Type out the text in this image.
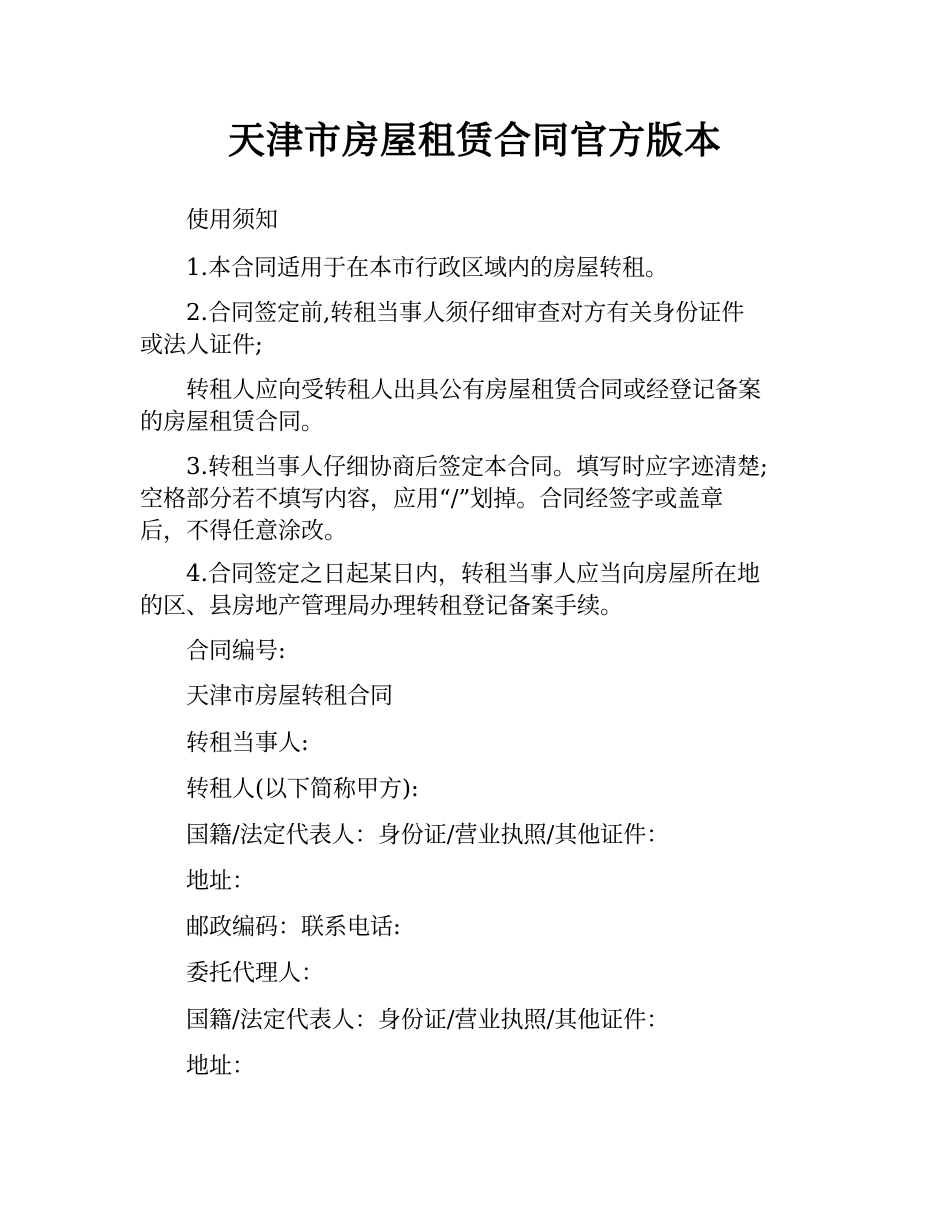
天津市房屋租赁合同官方版本
使用须知
1.本合同适用于在本市行政区域内的房屋转租。
2.合同签定前,转租当事人须仔细审查对方有关身份证件
或法人证件;
转租人应向受转租人出具公有房屋租赁合同或经登记备案
的房屋租赁合同。
3.转租当事人仔细协商后签定本合同。填写时应字迹清楚;
空格部分若不填写内容，应用“/”划掉。合同经签字或盖章
后，不得任意涂改。
4.合同签定之日起某日内，转租当事人应当向房屋所在地
的区、县房地产管理局办理转租登记备案手续。
合同编号:
天津市房屋转租合同
转租当事人:
转租人(以下简称甲方):
国籍/法定代表人：身份证/营业执照/其他证件：
地址：
邮政编码：联系电话:
委托代理人：
国籍/法定代表人：身份证/营业执照/其他证件：
地址：
